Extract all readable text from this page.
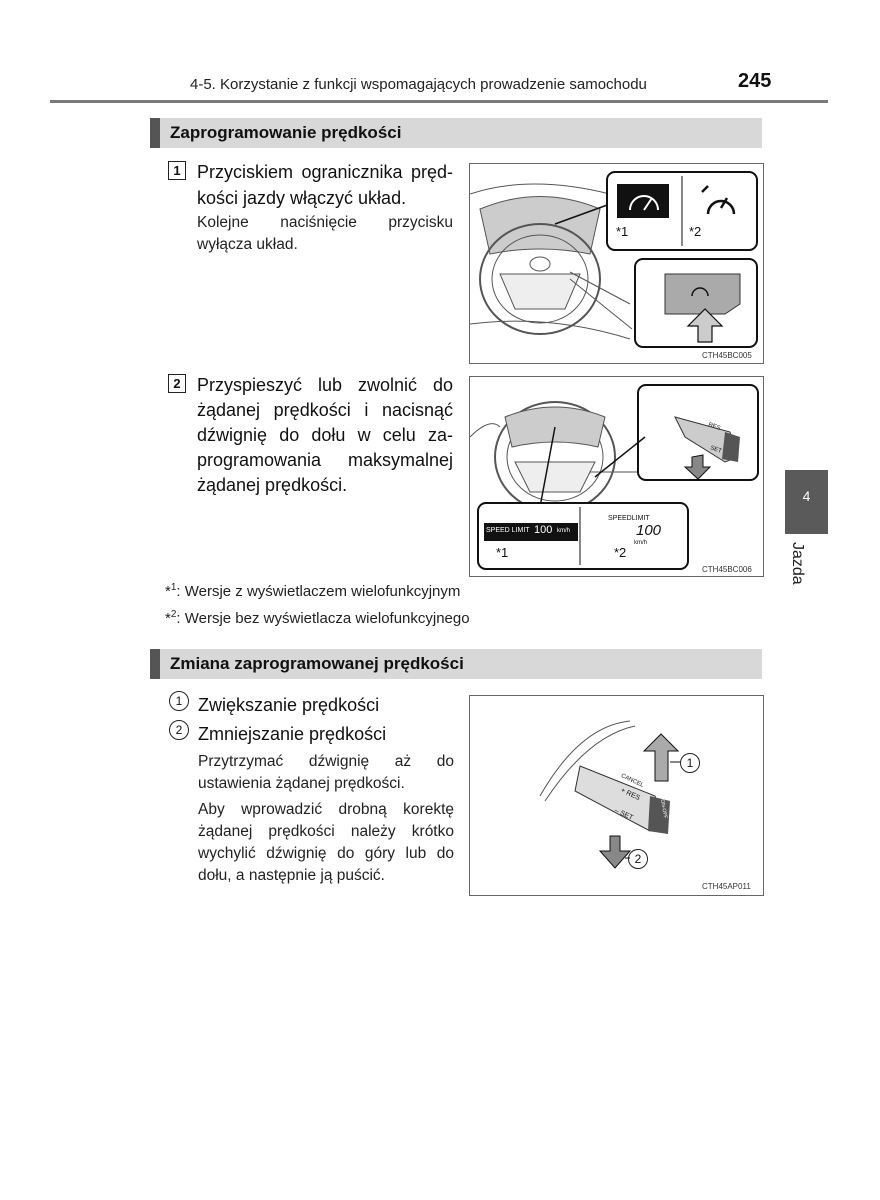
4-5. Korzystanie z funkcji wspomagających prowadzenie samochodu	245
Zaprogramowanie prędkości
1 Przyciskiem ogranicznika pręd-
kości jazdy włączyć układ.
Kolejne naciśnięcie przycisku
wyłącza układ.
*1	*2
CTH45BC005
2 Przyspieszyć lub zwolnić do
żądanej prędkości i nacisnąć
dźwignię do dołu w celu za-
programowania maksymalnej
żądanej prędkości.
SPEED LIMIT 100 km/h
SPEEDLIMIT
100
km/h
RES
SET
*1	*2
CTH45BC006
*$^1$: Wersje z wyświetlaczem wielofunkcyjnym
*$^2$: Wersje bez wyświetlacza wielofunkcyjnego
Zmiana zaprogramowanej prędkości
1 Zwiększanie prędkości
2 Zmniejszanie prędkości
Przytrzymać dźwignię aż do
ustawienia żądanej prędkości.
Aby wprowadzić drobną korektę
żądanej prędkości należy krótko
wychylić dźwignię do góry lub do
dołu, a następnie ją puścić.
1
2
CANCEL
+ RES
– SET	ON-OFF
CTH45AP011
4
Jazda
